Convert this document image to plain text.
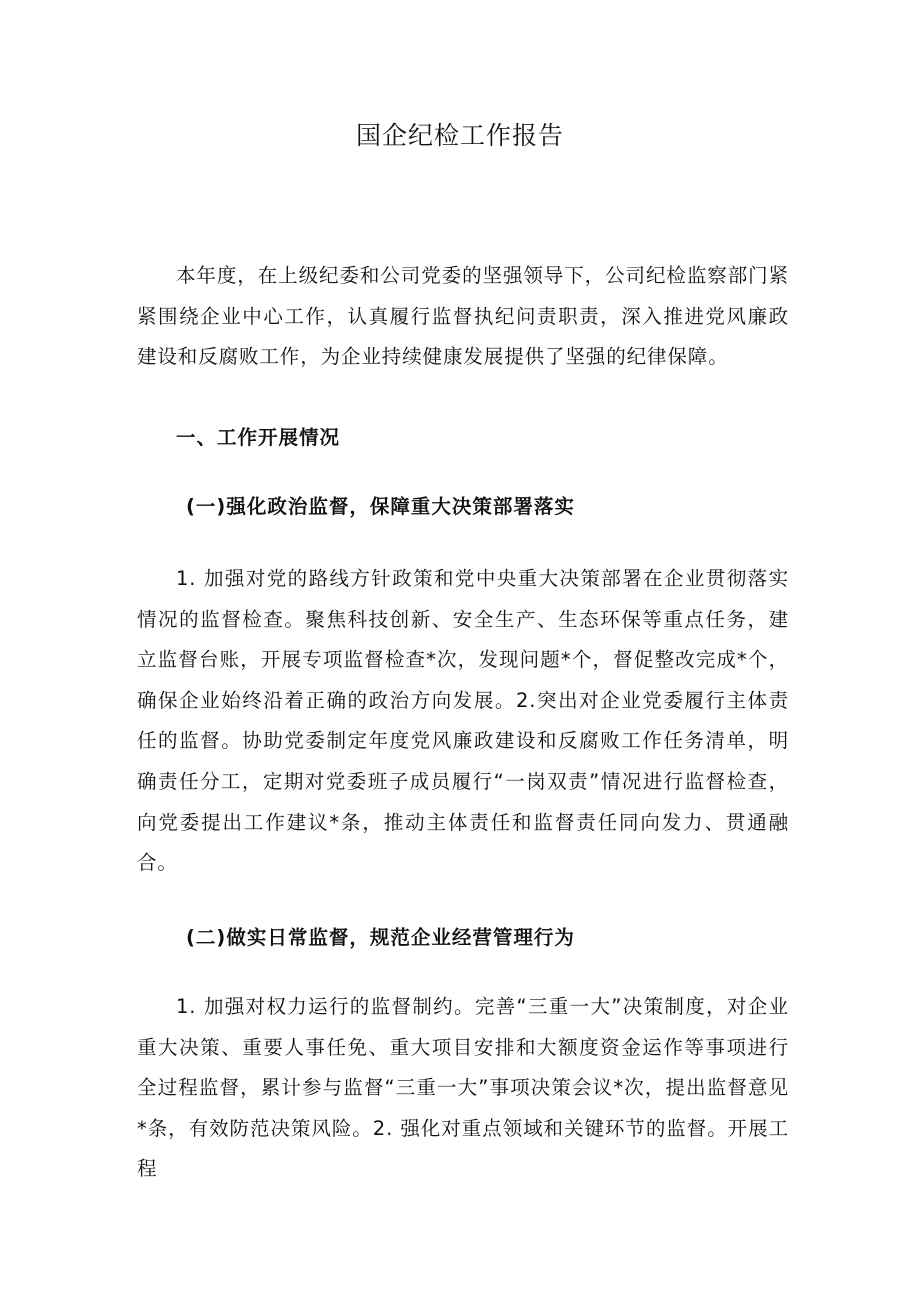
国企纪检工作报告

本年度，在上级纪委和公司党委的坚强领导下，公司纪检监察部门紧紧围绕企业中心工作，认真履行监督执纪问责职责，深入推进党风廉政建设和反腐败工作，为企业持续健康发展提供了坚强的纪律保障。

一、工作开展情况
(一)强化政治监督，保障重大决策部署落实

1. 加强对党的路线方针政策和党中央重大决策部署在企业贯彻落实情况的监督检查。聚焦科技创新、安全生产、生态环保等重点任务，建立监督台账，开展专项监督检查*次，发现问题*个，督促整改完成*个，确保企业始终沿着正确的政治方向发展。2.突出对企业党委履行主体责任的监督。协助党委制定年度党风廉政建设和反腐败工作任务清单，明确责任分工，定期对党委班子成员履行“一岗双责”情况进行监督检查，向党委提出工作建议*条，推动主体责任和监督责任同向发力、贯通融合。

(二)做实日常监督，规范企业经营管理行为

1. 加强对权力运行的监督制约。完善“三重一大”决策制度，对企业重大决策、重要人事任免、重大项目安排和大额度资金运作等事项进行全过程监督，累计参与监督“三重一大”事项决策会议*次，提出监督意见*条，有效防范决策风险。2. 强化对重点领域和关键环节的监督。开展工程
